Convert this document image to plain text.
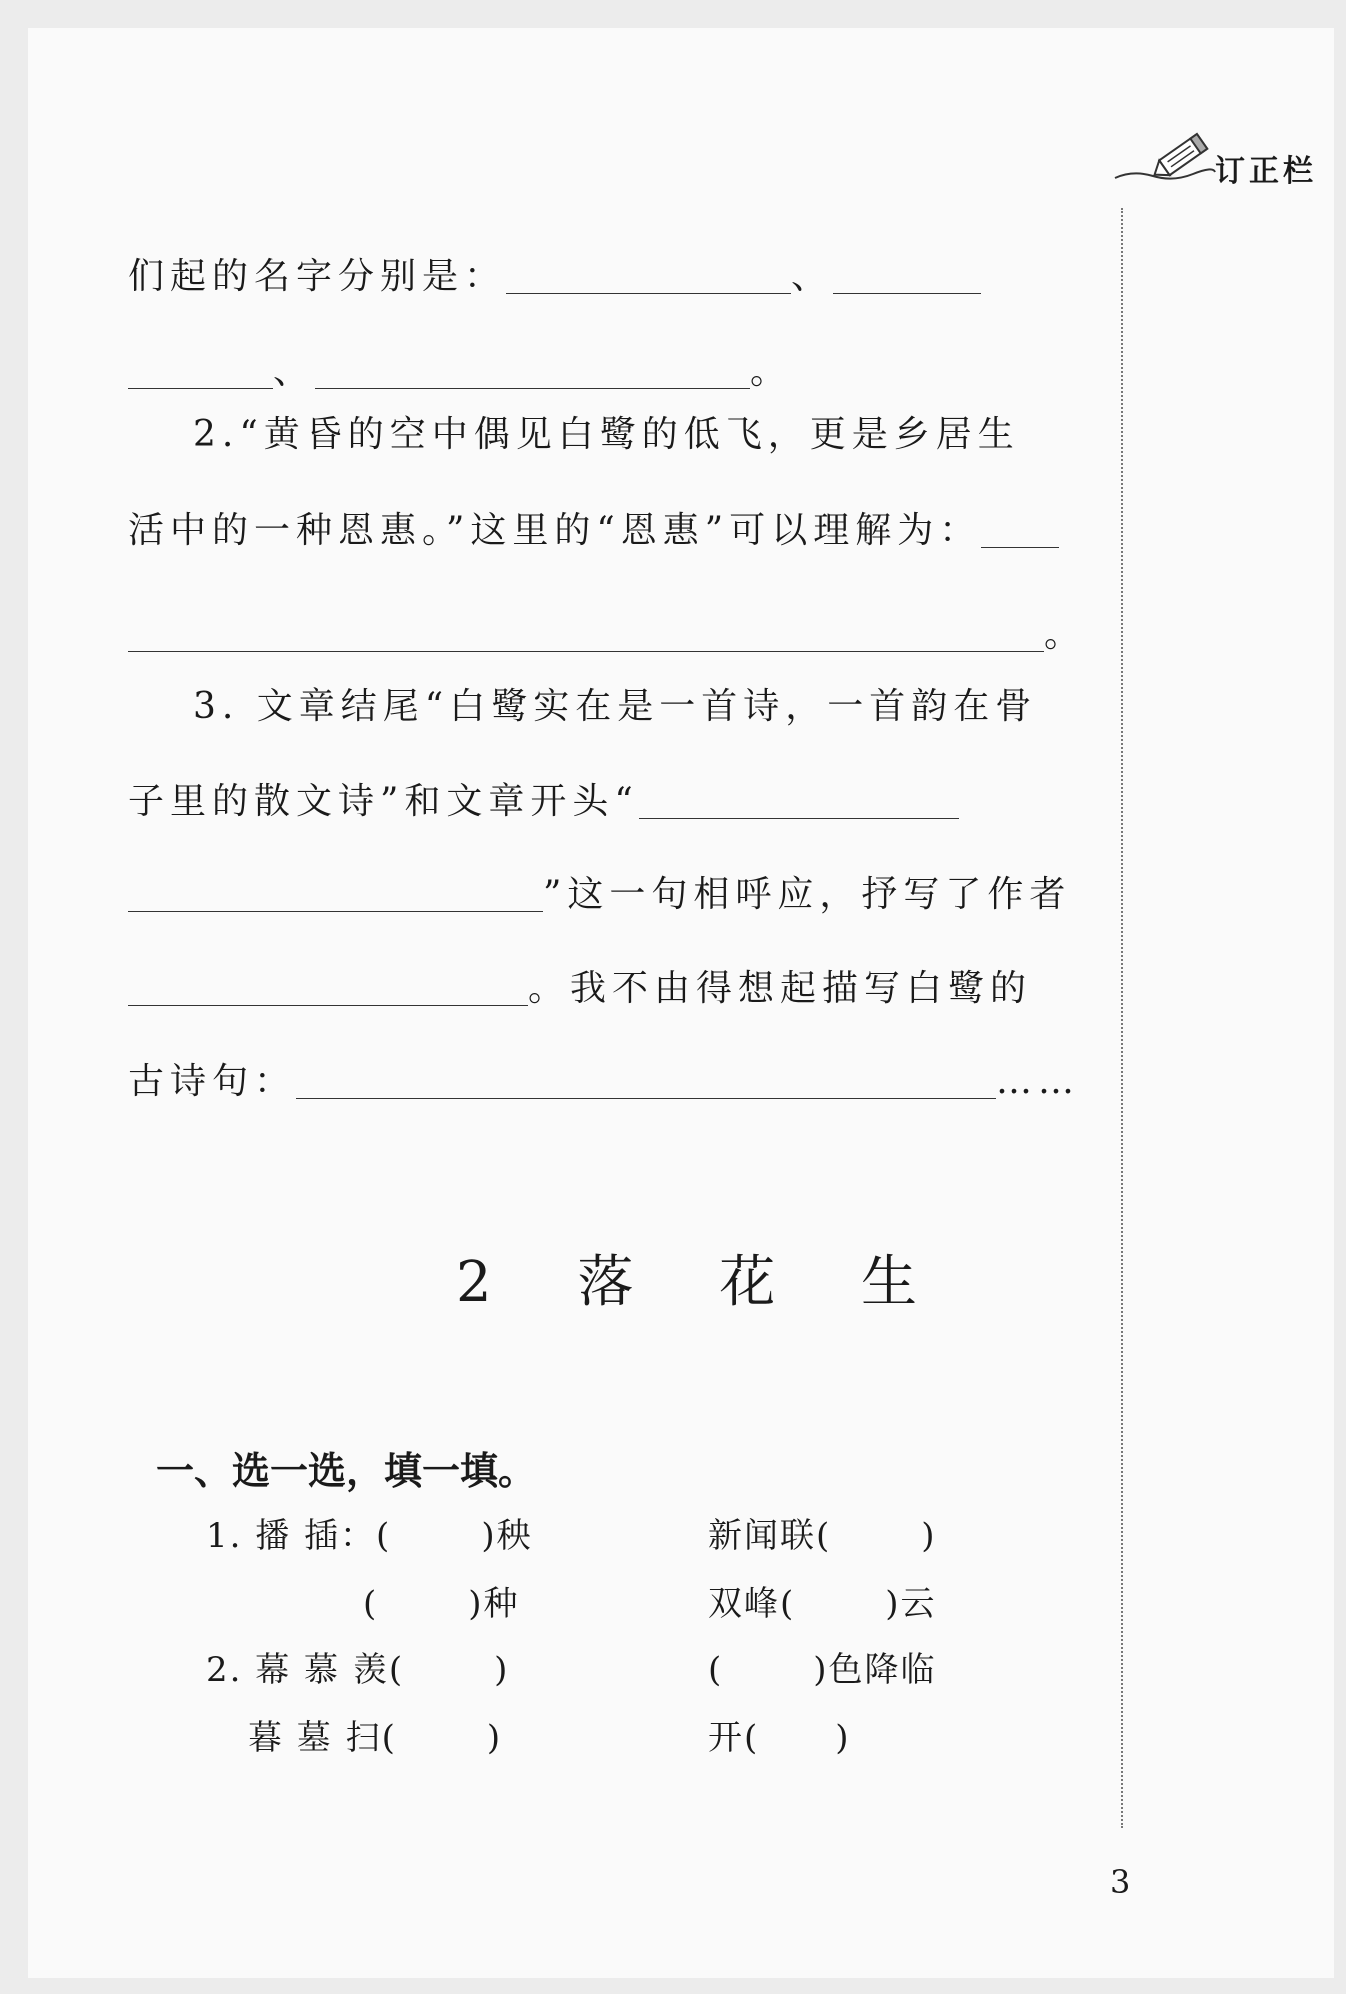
订正栏
们起的名字分别是：	、
、	。
2.“黄昏的空中偶见白鹭的低飞，更是乡居生
活中的一种恩惠。”这里的“恩惠”可以理解为：
。
3. 文章结尾“白鹭实在是一首诗，一首韵在骨
子里的散文诗”和文章开头“
”这一句相呼应，抒写了作者
。我不由得想起描写白鹭的
古诗句：	……
2 落 花 生
一、选一选，填一填。
1. 播 插：(	)秧	新闻联(	)
(	)种	双峰(	)云
2. 幕 慕 羡(	)	(	)色降临
暮 墓 扫(	)	开( )
3
